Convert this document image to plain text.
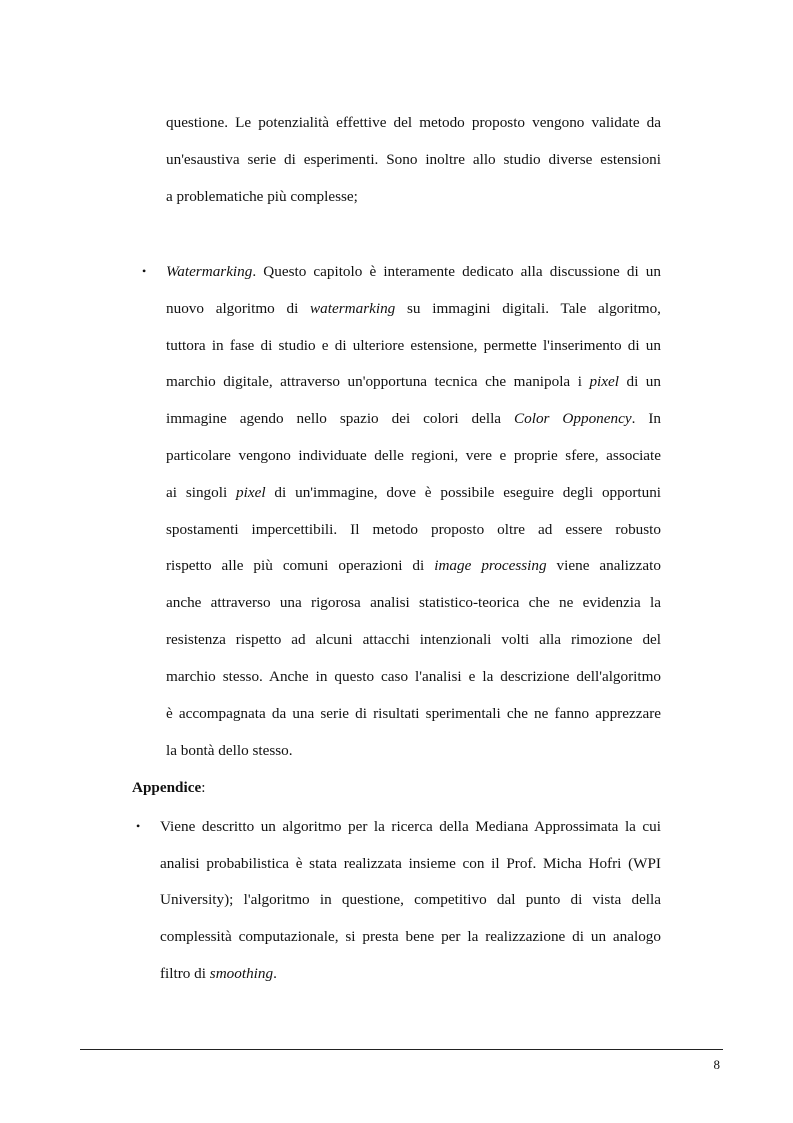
questione. Le potenzialità effettive del metodo proposto vengono validate da
un'esaustiva serie di esperimenti. Sono inoltre allo studio diverse estensioni
a problematiche più complesse;
• Watermarking. Questo capitolo è interamente dedicato alla discussione di un
nuovo algoritmo di watermarking su immagini digitali. Tale algoritmo,
tuttora in fase di studio e di ulteriore estensione, permette l'inserimento di un
marchio digitale, attraverso un'opportuna tecnica che manipola i pixel di un
immagine agendo nello spazio dei colori della Color Opponency. In
particolare vengono individuate delle regioni, vere e proprie sfere, associate
ai singoli pixel di un'immagine, dove è possibile eseguire degli opportuni
spostamenti impercettibili. Il metodo proposto oltre ad essere robusto
rispetto alle più comuni operazioni di image processing viene analizzato
anche attraverso una rigorosa analisi statistico-teorica che ne evidenzia la
resistenza rispetto ad alcuni attacchi intenzionali volti alla rimozione del
marchio stesso. Anche in questo caso l'analisi e la descrizione dell'algoritmo
è accompagnata da una serie di risultati sperimentali che ne fanno apprezzare
la bontà dello stesso.
Appendice:
• Viene descritto un algoritmo per la ricerca della Mediana Approssimata la cui
analisi probabilistica è stata realizzata insieme con il Prof. Micha Hofri (WPI
University); l'algoritmo in questione, competitivo dal punto di vista della
complessità computazionale, si presta bene per la realizzazione di un analogo
filtro di smoothing.
8
